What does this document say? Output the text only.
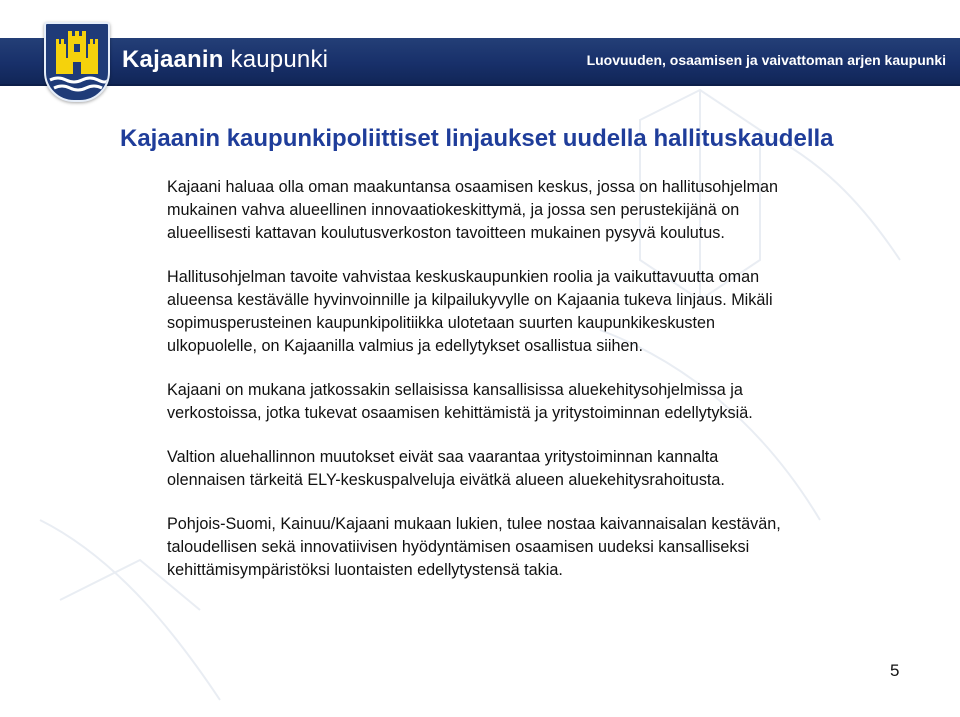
Kajaanin kaupunki	Luovuuden, osaamisen ja vaivattoman arjen kaupunki
Kajaanin kaupunkipoliittiset linjaukset uudella hallituskaudella

Kajaani haluaa olla oman maakuntansa osaamisen keskus, jossa on hallitusohjelman
mukainen vahva alueellinen innovaatiokeskittymä, ja jossa sen perustekijänä on
alueellisesti kattavan koulutusverkoston tavoitteen mukainen pysyvä koulutus.

Hallitusohjelman tavoite vahvistaa keskuskaupunkien roolia ja vaikuttavuutta oman
alueensa kestävälle hyvinvoinnille ja kilpailukyvylle on Kajaania tukeva linjaus. Mikäli
sopimusperusteinen kaupunkipolitiikka ulotetaan suurten kaupunkikeskusten
ulkopuolelle, on Kajaanilla valmius ja edellytykset osallistua siihen.

Kajaani on mukana jatkossakin sellaisissa kansallisissa aluekehitysohjelmissa ja
verkostoissa, jotka tukevat osaamisen kehittämistä ja yritystoiminnan edellytyksiä.

Valtion aluehallinnon muutokset eivät saa vaarantaa yritystoiminnan kannalta
olennaisen tärkeitä ELY-keskuspalveluja eivätkä alueen aluekehitysrahoitusta.

Pohjois-Suomi, Kainuu/Kajaani mukaan lukien, tulee nostaa kaivannaisalan kestävän,
taloudellisen sekä innovatiivisen hyödyntämisen osaamisen uudeksi kansalliseksi
kehittämisympäristöksi luontaisten edellytystensä takia.

5
